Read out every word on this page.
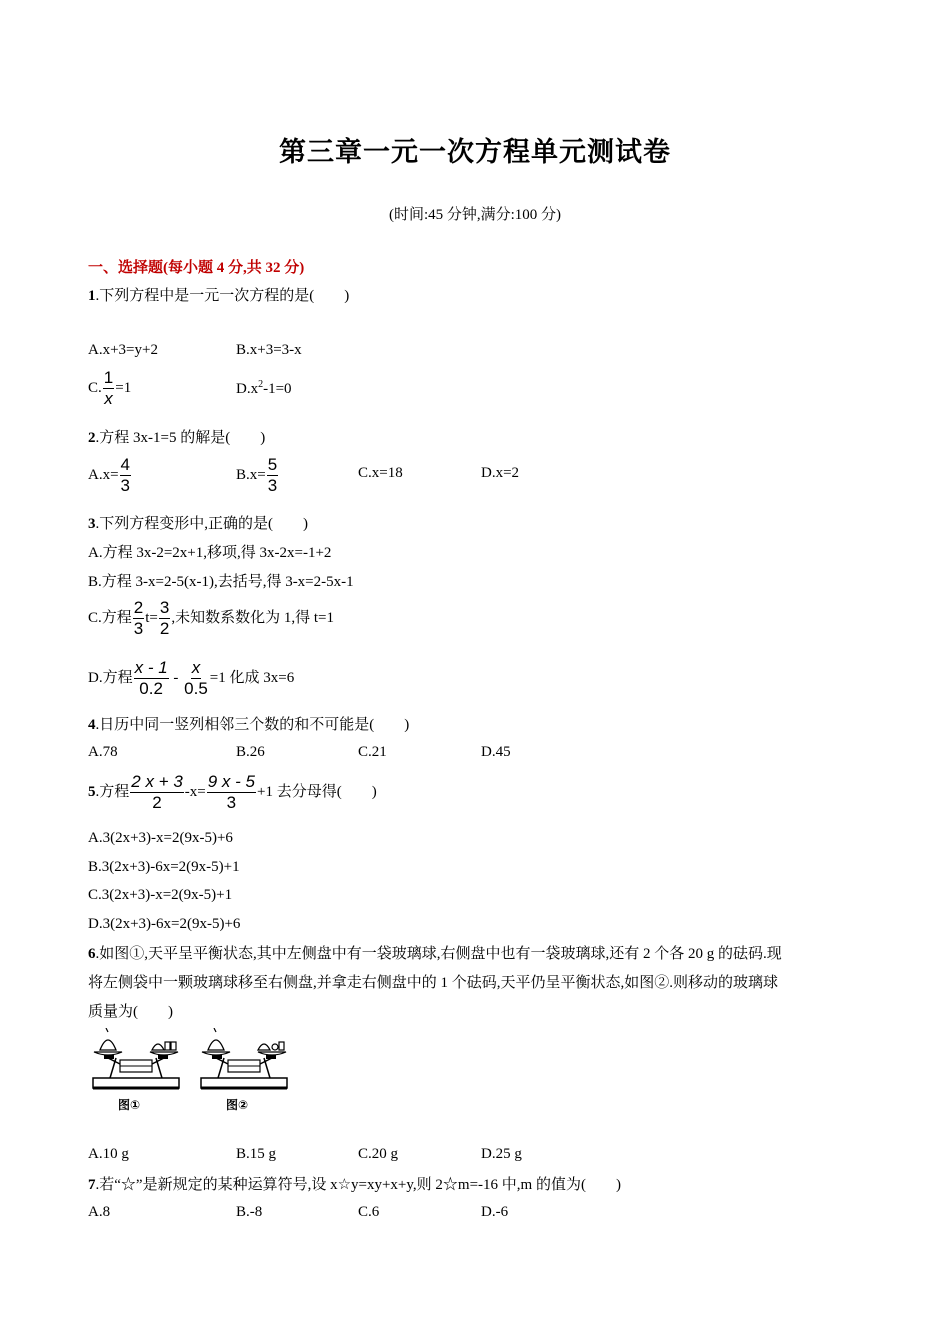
第三章一元一次方程单元测试卷
(时间:45 分钟,满分:100 分)
一、选择题(每小题 4 分,共 32 分)
1.下列方程中是一元一次方程的是(　　)
A.x+3=y+2	B.x+3=3-x
C. $\frac{1}{x} =1$	$D.x^2-1=0$
2.方程 3x-1=5 的解是(　　)
$A.x= \frac{4}{3}$	$B.x= \frac{5}{3}$	C.x=18	D.x=2
3.下列方程变形中,正确的是(　　)
A.方程 3x-2=2x+1,移项,得 3x-2x=-1+2
B.方程 3-x=2-5(x-1),去括号,得 3-x=2-5x-1
C.方程 $\frac{2}{3} t= \frac{3}{2}$ ,未知数系数化为 1,得 t=1
D.方程 $\frac{x - 1}{0.2} - \frac{x}{0.5} =1$ 化成 3x=6
4.日历中同一竖列相邻三个数的和不可能是(　　)
A.78	B.26	C.21	D.45
5.方程 $\frac{2 x + 3}{2} -x= \frac{9 x - 5}{3} +1$ 去分母得(　　)
A.3(2x+3)-x=2(9x-5)+6
B.3(2x+3)-6x=2(9x-5)+1
C.3(2x+3)-x=2(9x-5)+1
D.3(2x+3)-6x=2(9x-5)+6
6.如图①,天平呈平衡状态,其中左侧盘中有一袋玻璃球,右侧盘中也有一袋玻璃球,还有 2 个各 20 g 的砝码.现
将左侧袋中一颗玻璃球移至右侧盘,并拿走右侧盘中的 1 个砝码,天平仍呈平衡状态,如图②.则移动的玻璃球
质量为(　　)
图①	图②
A.10 g	B.15 g	C.20 g	D.25 g
7.若“☆”是新规定的某种运算符号,设 x☆y=xy+x+y,则 2☆m=-16 中,m 的值为(　　)
A.8	B.-8	C.6	D.-6
